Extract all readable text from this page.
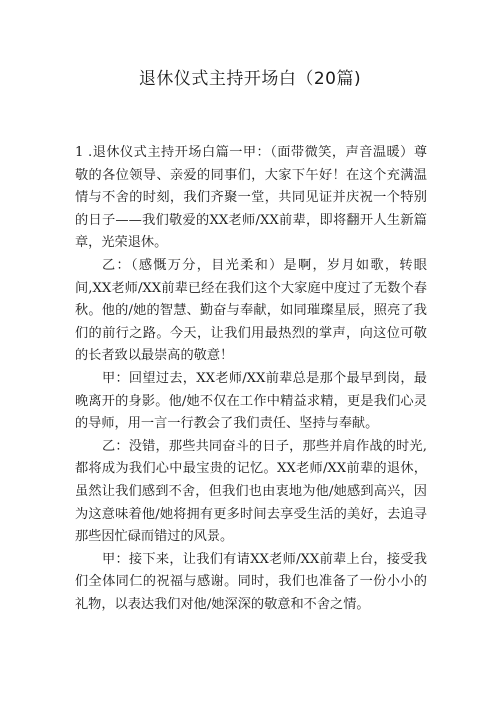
退休仪式主持开场白（20篇)

1 .退休仪式主持开场白篇一甲：（面带微笑，声音温暖）尊敬的各位领导、亲爱的同事们，大家下午好！在这个充满温情与不舍的时刻，我们齐聚一堂，共同见证并庆祝一个特别的日子——我们敬爱的XX老师/XX前辈，即将翻开人生新篇章，光荣退休。

乙：（感慨万分，目光柔和）是啊，岁月如歌，转眼间,XX老师/XX前辈已经在我们这个大家庭中度过了无数个春秋。他的/她的智慧、勤奋与奉献，如同璀璨星辰，照亮了我们的前行之路。今天，让我们用最热烈的掌声，向这位可敬的长者致以最崇高的敬意！

甲：回望过去，XX老师/XX前辈总是那个最早到岗，最晚离开的身影。他/她不仅在工作中精益求精，更是我们心灵的导师，用一言一行教会了我们责任、坚持与奉献。

乙：没错，那些共同奋斗的日子，那些并肩作战的时光,都将成为我们心中最宝贵的记忆。XX老师/XX前辈的退休，虽然让我们感到不舍，但我们也由衷地为他/她感到高兴，因为这意味着他/她将拥有更多时间去享受生活的美好，去追寻那些因忙碌而错过的风景。

甲：接下来，让我们有请XX老师/XX前辈上台，接受我们全体同仁的祝福与感谢。同时，我们也准备了一份小小的礼物，以表达我们对他/她深深的敬意和不舍之情。
